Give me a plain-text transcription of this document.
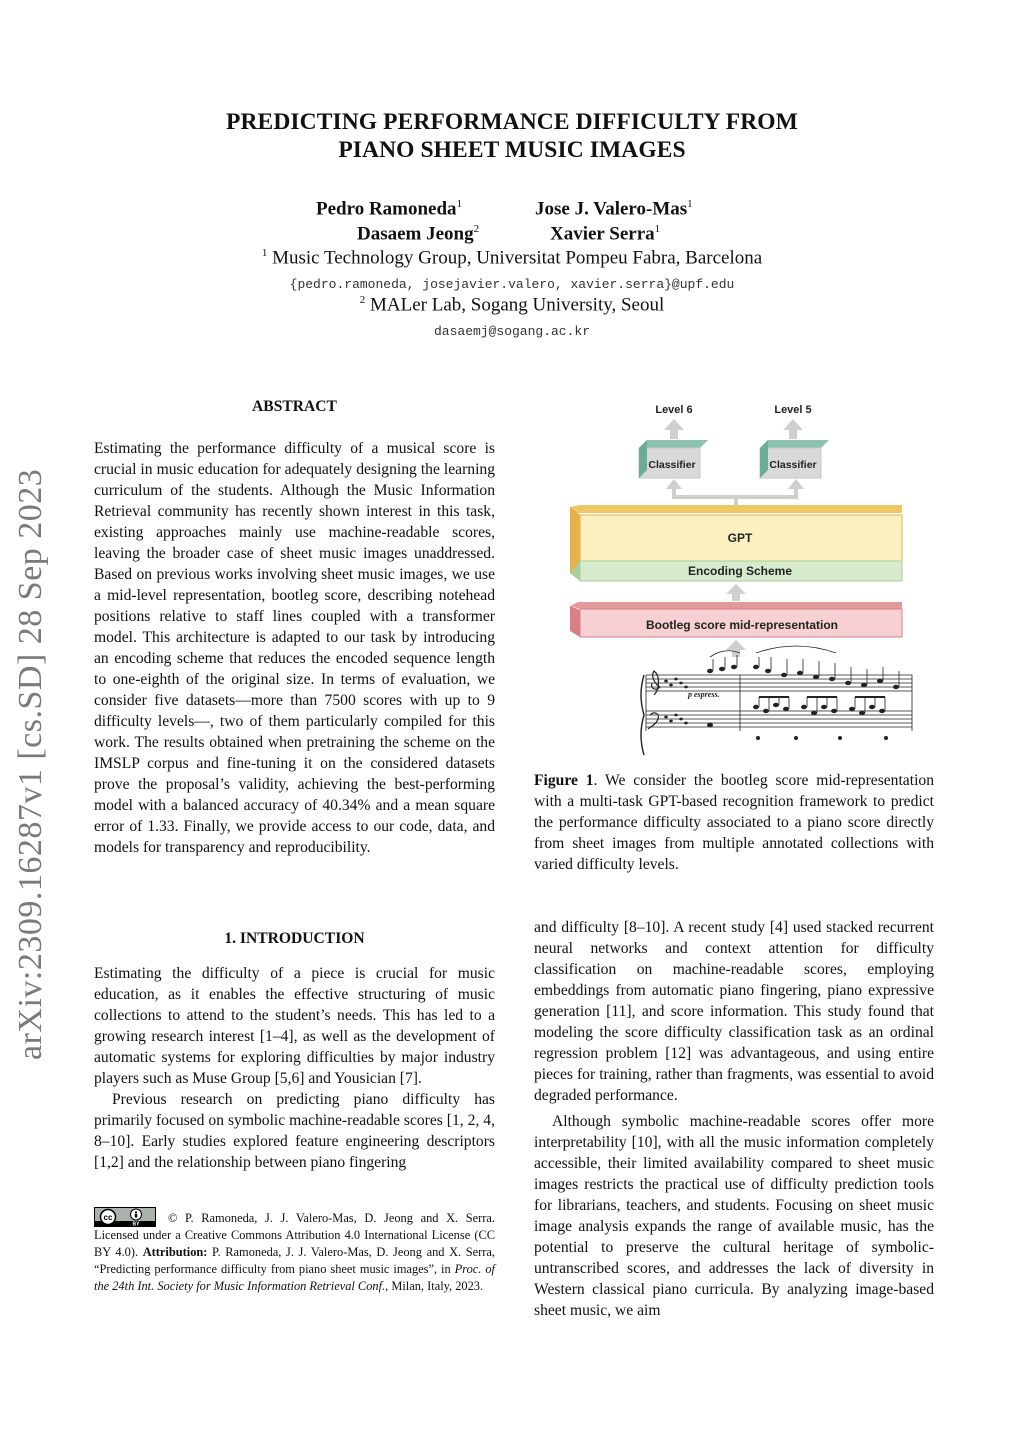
arXiv:2309.16287v1 [cs.SD] 28 Sep 2023
PREDICTING PERFORMANCE DIFFICULTY FROM
PIANO SHEET MUSIC IMAGES
Pedro Ramoneda$^1$	Jose J. Valero-Mas$^1$
Dasaem Jeong$^2$	Xavier Serra$^1$
$^1$ Music Technology Group, Universitat Pompeu Fabra, Barcelona
{pedro.ramoneda, josejavier.valero, xavier.serra}@upf.edu
$^2$ MALer Lab, Sogang University, Seoul
dasaemj@sogang.ac.kr
ABSTRACT

Estimating the performance difficulty of a musical score is crucial in music education for adequately designing the learning curriculum of the students. Although the Music Information Retrieval community has recently shown interest in this task, existing approaches mainly use machine-readable scores, leaving the broader case of sheet music images unaddressed. Based on previous works involving sheet music images, we use a mid-level representation, bootleg score, describing notehead positions relative to staff lines coupled with a transformer model. This architecture is adapted to our task by introducing an encoding scheme that reduces the encoded sequence length to one-eighth of the original size. In terms of evaluation, we consider five datasets—more than 7500 scores with up to 9 difficulty levels—, two of them particularly compiled for this work. The results obtained when pretraining the scheme on the IMSLP corpus and fine-tuning it on the considered datasets prove the proposal’s validity, achieving the best-performing model with a balanced accuracy of 40.34% and a mean square error of 1.33. Finally, we provide access to our code, data, and models for transparency and reproducibility.

1. INTRODUCTION

Estimating the difficulty of a piece is crucial for music education, as it enables the effective structuring of music collections to attend to the student’s needs. This has led to a growing research interest [1–4], as well as the development of automatic systems for exploring difficulties by major industry players such as Muse Group [5,6] and Yousician [7].

Previous research on predicting piano difficulty has primarily focused on symbolic machine-readable scores [1, 2, 4, 8–10]. Early studies explored feature engineering descriptors [1,2] and the relationship between piano fingering

cc
BY	© P. Ramoneda, J. J. Valero-Mas, D. Jeong and X. Serra. Licensed under a Creative Commons Attribution 4.0 International License (CC BY 4.0). Attribution: P. Ramoneda, J. J. Valero-Mas, D. Jeong and X. Serra, “Predicting performance difficulty from piano sheet music images”, in Proc. of the 24th Int. Society for Music Information Retrieval Conf., Milan, Italy, 2023.
Level 6	Level 5
Classifier	Classifier
GPT
Encoding Scheme
Bootleg score mid-representation
p espress.
Figure 1. We consider the bootleg score mid-representation with a multi-task GPT-based recognition framework to predict the performance difficulty associated to a piano score directly from sheet images from multiple annotated collections with varied difficulty levels.

and difficulty [8–10]. A recent study [4] used stacked recurrent neural networks and context attention for difficulty classification on machine-readable scores, employing embeddings from automatic piano fingering, piano expressive generation [11], and score information. This study found that modeling the score difficulty classification task as an ordinal regression problem [12] was advantageous, and using entire pieces for training, rather than fragments, was essential to avoid degraded performance.

Although symbolic machine-readable scores offer more interpretability [10], with all the music information completely accessible, their limited availability compared to sheet music images restricts the practical use of difficulty prediction tools for librarians, teachers, and students. Focusing on sheet music image analysis expands the range of available music, has the potential to preserve the cultural heritage of symbolic-untranscribed scores, and addresses the lack of diversity in Western classical piano curricula. By analyzing image-based sheet music, we aim
